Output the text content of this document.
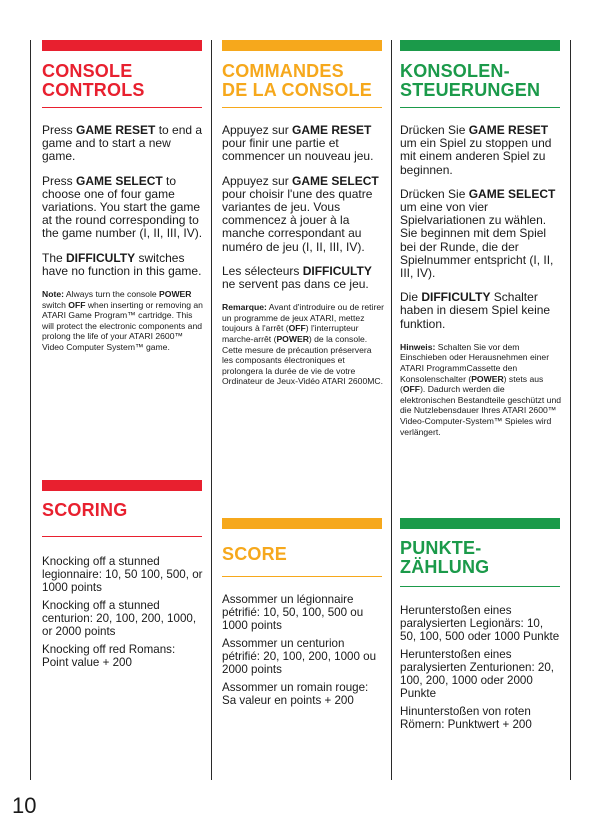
CONSOLE
CONTROLS

Press GAME RESET to end a game and to start a new game.

Press GAME SELECT to choose one of four game variations. You start the game at the round corresponding to the game number (I, II, III, IV).

The DIFFICULTY switches have no function in this game.

Note: Always turn the console POWER switch OFF when inserting or removing an ATARI Game Program™ cartridge. This will protect the electronic components and prolong the life of your ATARI 2600™ Video Computer System™ game.

SCORING

Knocking off a stunned legionnaire: 10, 50 100, 500, or 1000 points

Knocking off a stunned centurion: 20, 100, 200, 1000, or 2000 points

Knocking off red Romans: Point value + 200

COMMANDES
DE LA CONSOLE

Appuyez sur GAME RESET pour finir une partie et commencer un nouveau jeu.

Appuyez sur GAME SELECT pour choisir l'une des quatre variantes de jeu. Vous commencez à jouer à la manche correspondant au numéro de jeu (I, II, III, IV).

Les sélecteurs DIFFICULTY ne servent pas dans ce jeu.

Remarque: Avant d'introduire ou de retirer un programme de jeux ATARI, mettez toujours à l'arrêt (OFF) l'interrupteur marche-arrêt (POWER) de la console. Cette mesure de précaution préservera les composants électroniques et prolongera la durée de vie de votre Ordinateur de Jeux-Vidéo ATARI 2600MC.

SCORE

Assommer un légionnaire pétrifié: 10, 50, 100, 500 ou 1000 points

Assommer un centurion pétrifié: 20, 100, 200, 1000 ou 2000 points

Assommer un romain rouge: Sa valeur en points + 200

KONSOLEN-
STEUERUNGEN

Drücken Sie GAME RESET um ein Spiel zu stoppen und mit einem anderen Spiel zu beginnen.

Drücken Sie GAME SELECT um eine von vier Spielvariationen zu wählen. Sie beginnen mit dem Spiel bei der Runde, die der Spielnummer entspricht (I, II, III, IV).

Die DIFFICULTY Schalter haben in diesem Spiel keine funktion.

Hinweis: Schalten Sie vor dem Einschieben oder Herausnehmen einer ATARI ProgrammCassette den Konsolenschalter (POWER) stets aus (OFF). Dadurch werden die elektronischen Bestandteile geschützt und die Nutzlebensdauer Ihres ATARI 2600™ Video-Computer-System™ Spieles wird verlängert.

PUNKTE-
ZÄHLUNG

Herunterstoßen eines paralysierten Legionärs: 10, 50, 100, 500 oder 1000 Punkte

Herunterstoßen eines paralysierten Zenturionen: 20, 100, 200, 1000 oder 2000 Punkte

Hinunterstoßen von roten Römern: Punktwert + 200

10
